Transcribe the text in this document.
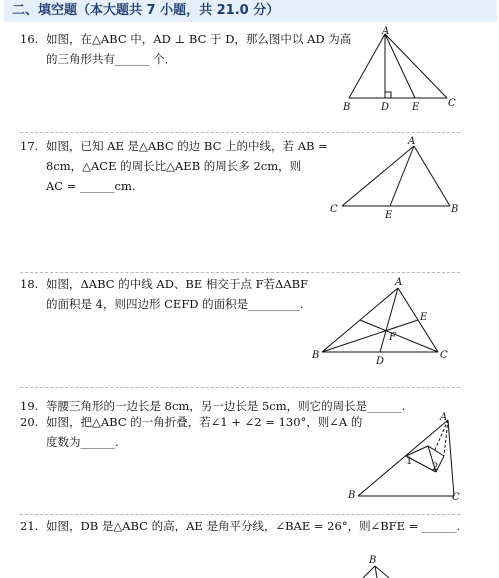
二、填空题（本大题共 7 小题，共 21.0 分）
16. 如图，在△ABC 中，AD ⊥ BC 于 D，那么图中以 AD 为高
的三角形共有______ 个．
A
B	D E	C
17. 如图，已知 AE 是△ABC 的边 BC 上的中线，若 AB =
8cm，△ACE 的周长比△AEB 的周长多 2cm，则
AC = ______cm.
A
C
E
B
18. 如图，ΔABC 的中线 AD、BE 相交于点 F若ΔABF
的面积是 4，则四边形 CEFD 的面积是_________.
A
E
F
B
D
C
19. 等腰三角形的一边长是 8cm，另一边长是 5cm，则它的周长是______.
20. 如图，把△ABC 的一角折叠，若∠1 + ∠2 = 130°，则∠A 的
度数为______.
A
1
2
B	C
21. 如图，DB 是△ABC 的高，AE 是角平分线，∠BAE = 26°，则∠BFE = ______.
B
